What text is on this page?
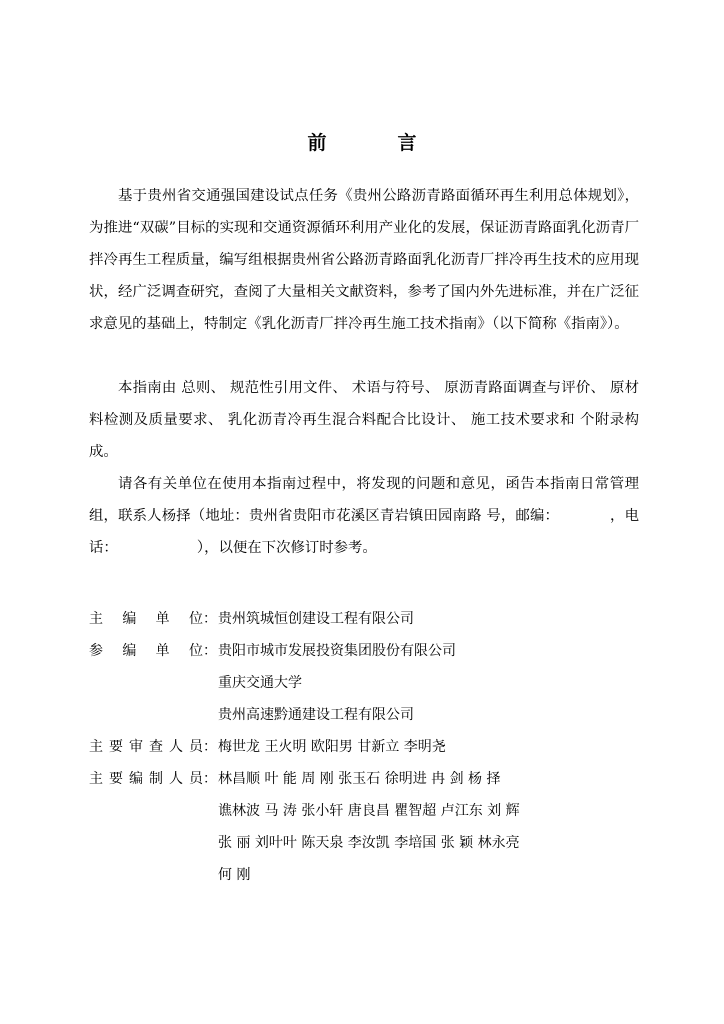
前　言

基于贵州省交通强国建设试点任务《贵州公路沥青路面循环再生利用总体规划》，为推进“双碳”目标的实现和交通资源循环利用产业化的发展，保证沥青路面乳化沥青厂拌冷再生工程质量，编写组根据贵州省公路沥青路面乳化沥青厂拌冷再生技术的应用现状，经广泛调查研究，查阅了大量相关文献资料，参考了国内外先进标准，并在广泛征求意见的基础上，特制定《乳化沥青厂拌冷再生施工技术指南》（以下简称《指南》）。

本指南由 总则、 规范性引用文件、 术语与符号、 原沥青路面调查与评价、 原材料检测及质量要求、 乳化沥青冷再生混合料配合比设计、 施工技术要求和 个附录构成。

请各有关单位在使用本指南过程中，将发现的问题和意见，函告本指南日常管理组，联系人杨择（地址：贵州省贵阳市花溪区青岩镇田园南路 号，邮编：　　　　，电话：　　　　　　），以便在下次修订时参考。

主 编 单 位： 贵州筑城恒创建设工程有限公司
参 编 单 位： 贵阳市城市发展投资集团股份有限公司
重庆交通大学
贵州高速黔通建设工程有限公司
主 要 审 查 人 员： 梅世龙 王火明 欧阳男 甘新立 李明尧
主 要 编 制 人 员： 林昌顺 叶 能 周 刚 张玉石 徐明进 冉 剑 杨 择
谯林波 马 涛 张小轩 唐良昌 瞿智超 卢江东 刘 辉
张 丽 刘叶叶 陈天泉 李汝凯 李培国 张 颖 林永亮
何 刚
